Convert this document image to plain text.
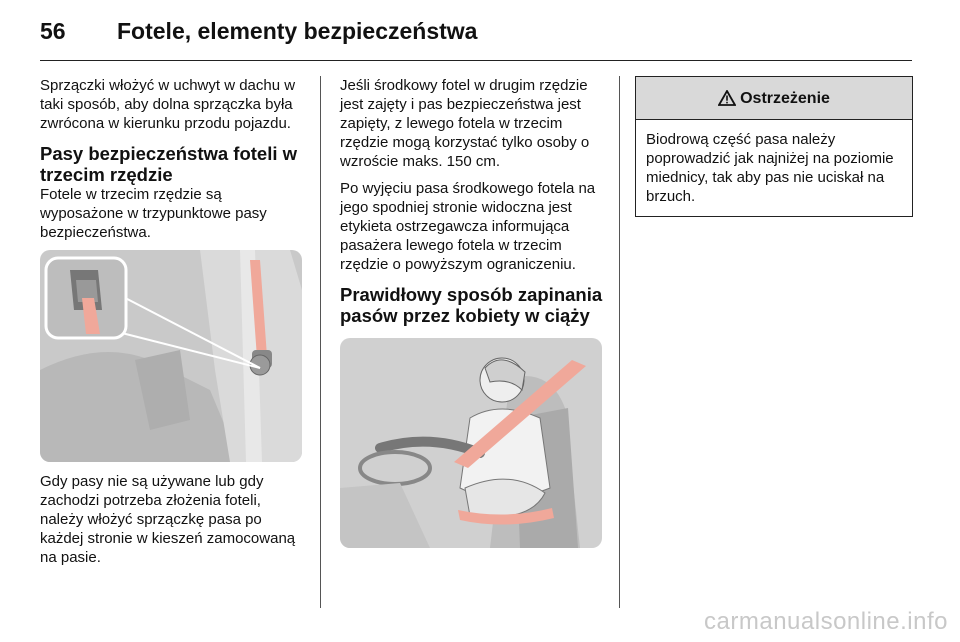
56 Fotele, elementy bezpieczeństwa

Sprzączki włożyć w uchwyt w dachu w taki sposób, aby dolna sprzączka była zwrócona w kierunku przodu pojazdu.

Pasy bezpieczeństwa foteli w trzecim rzędzie

Fotele w trzecim rzędzie są wyposażone w trzypunktowe pasy bezpieczeństwa.

Gdy pasy nie są używane lub gdy zachodzi potrzeba złożenia foteli, należy włożyć sprzączkę pasa po każdej stronie w kieszeń zamocowaną na pasie.

Jeśli środkowy fotel w drugim rzędzie jest zajęty i pas bezpieczeństwa jest zapięty, z lewego fotela w trzecim rzędzie mogą korzystać tylko osoby o wzroście maks. 150 cm.

Po wyjęciu pasa środkowego fotela na jego spodniej stronie widoczna jest etykieta ostrzegawcza informująca pasażera lewego fotela w trzecim rzędzie o powyższym ograniczeniu.

Prawidłowy sposób zapinania pasów przez kobiety w ciąży
Ostrzeżenie
Biodrową część pasa należy poprowadzić jak najniżej na poziomie miednicy, tak aby pas nie uciskał na brzuch.
carmanualsonline.info
